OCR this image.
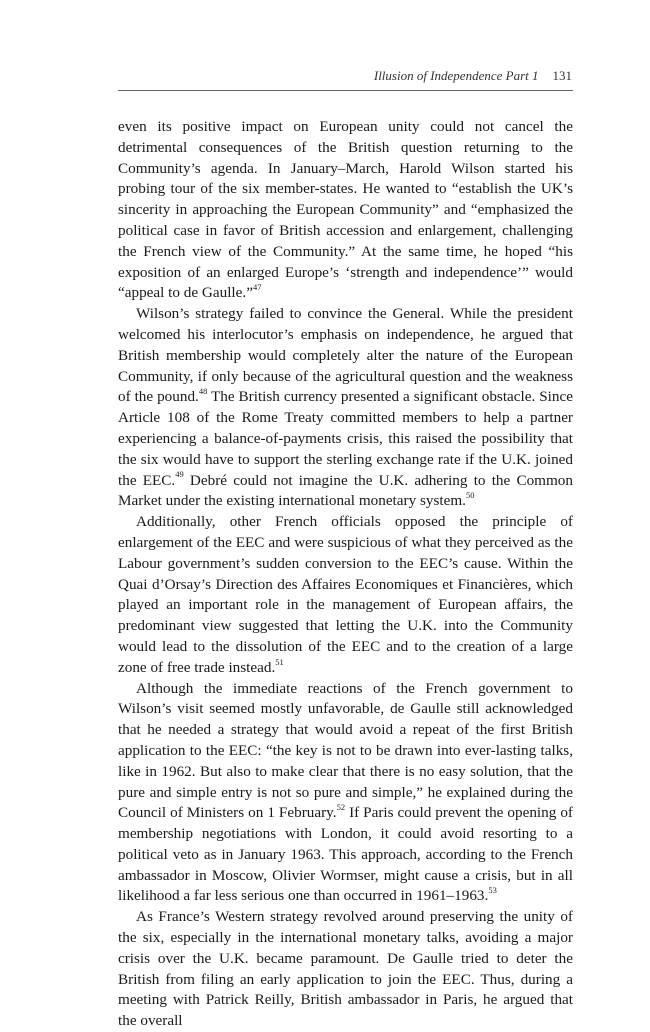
Illusion of Independence Part 1 131

even its positive impact on European unity could not cancel the detrimental consequences of the British question returning to the Community’s agenda. In January–March, Harold Wilson started his probing tour of the six member-states. He wanted to “establish the UK’s sincerity in approaching the European Community” and “emphasized the political case in favor of British accession and enlargement, challenging the French view of the Community.” At the same time, he hoped “his exposition of an enlarged Europe’s ‘strength and independence’” would “appeal to de Gaulle.”$^{47}$

Wilson’s strategy failed to convince the General. While the president welcomed his interlocutor’s emphasis on independence, he argued that British membership would completely alter the nature of the European Community, if only because of the agricultural question and the weakness of the pound.$^{48}$ The British currency presented a significant obstacle. Since Article 108 of the Rome Treaty committed members to help a partner experiencing a balance-of-payments crisis, this raised the possibility that the six would have to support the sterling exchange rate if the U.K. joined the EEC.$^{49}$ Debré could not imagine the U.K. adhering to the Common Market under the existing international monetary system.$^{50}$

Additionally, other French officials opposed the principle of enlargement of the EEC and were suspicious of what they perceived as the Labour government’s sudden conversion to the EEC’s cause. Within the Quai d’Orsay’s Direction des Affaires Economiques et Financières, which played an important role in the management of European affairs, the predominant view suggested that letting the U.K. into the Community would lead to the dissolution of the EEC and to the creation of a large zone of free trade instead.$^{51}$

Although the immediate reactions of the French government to Wilson’s visit seemed mostly unfavorable, de Gaulle still acknowledged that he needed a strategy that would avoid a repeat of the first British application to the EEC: “the key is not to be drawn into ever-lasting talks, like in 1962. But also to make clear that there is no easy solution, that the pure and simple entry is not so pure and simple,” he explained during the Council of Ministers on 1 February.$^{52}$ If Paris could prevent the opening of membership negotiations with London, it could avoid resorting to a political veto as in January 1963. This approach, according to the French ambassador in Moscow, Olivier Wormser, might cause a crisis, but in all likelihood a far less serious one than occurred in 1961–1963.53

As France’s Western strategy revolved around preserving the unity of the six, especially in the international monetary talks, avoiding a major crisis over the U.K. became paramount. De Gaulle tried to deter the British from filing an early application to join the EEC. Thus, during a meeting with Patrick Reilly, British ambassador in Paris, he argued that the overall
